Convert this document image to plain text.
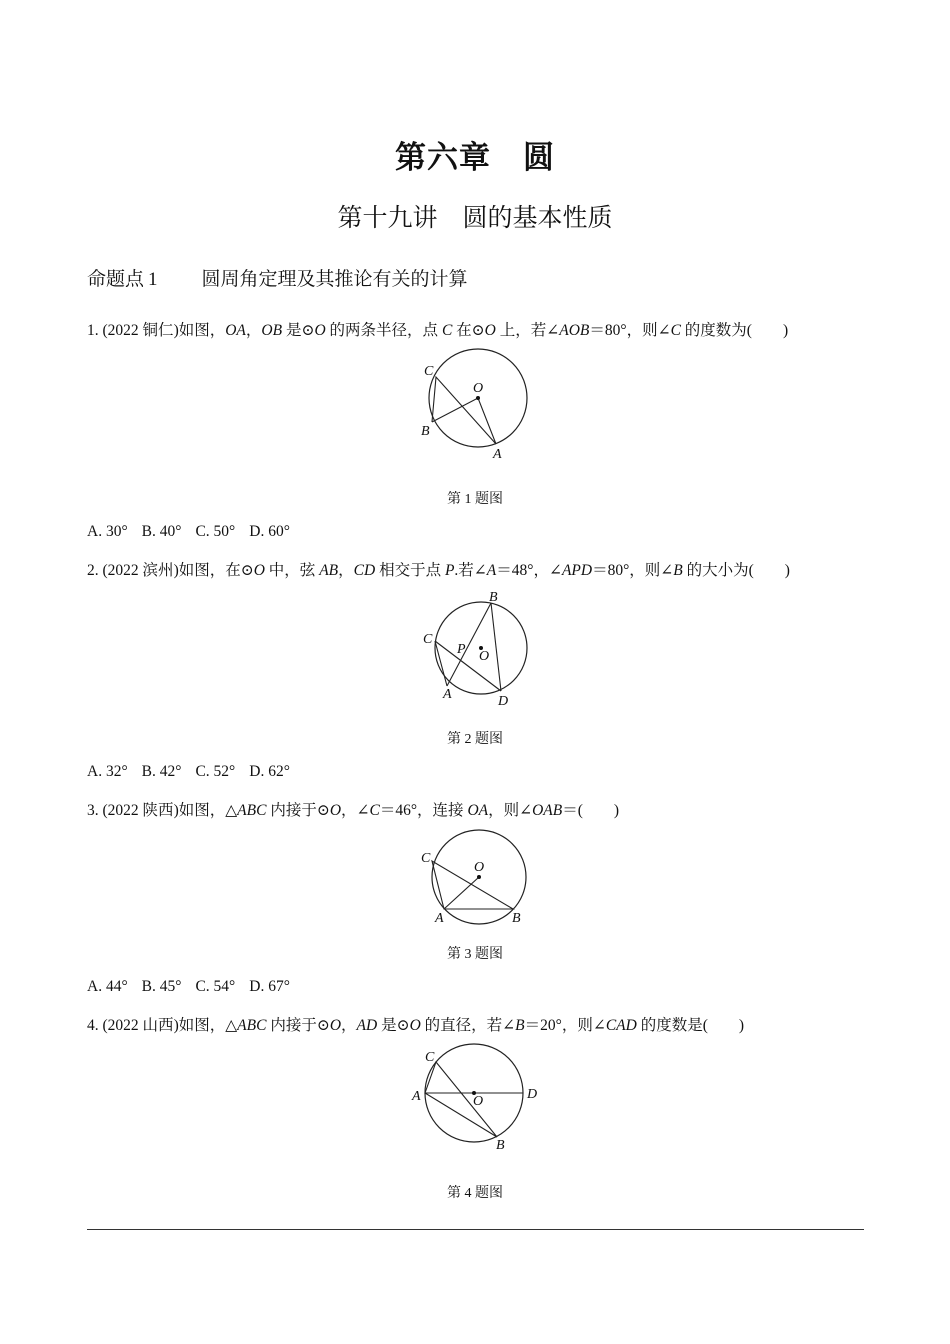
第六章　圆
第十九讲　圆的基本性质
命题点 1 圆周角定理及其推论有关的计算
1. (2022 铜仁)如图，OA，OB 是⊙O 的两条半径，点 C 在⊙O 上，若∠AOB＝80°，则∠C 的度数为(　　)
C
O
B
A
第 1 题图
A. 30° B. 40° C. 50° D. 60°
2. (2022 滨州)如图，在⊙O 中，弦 AB，CD 相交于点 P.若∠A＝48°，∠APD＝80°，则∠B 的大小为(　　)
B
C
P O
A	D
第 2 题图
A. 32° B. 42° C. 52° D. 62°
3. (2022 陕西)如图，△ABC 内接于⊙O，∠C＝46°，连接 OA，则∠OAB＝(　　)
C
O
A	B
第 3 题图
A. 44° B. 45° C. 54° D. 67°
4. (2022 山西)如图，△ABC 内接于⊙O，AD 是⊙O 的直径，若∠B＝20°，则∠CAD 的度数是(　　)
C
A	O	D
B
第 4 题图
